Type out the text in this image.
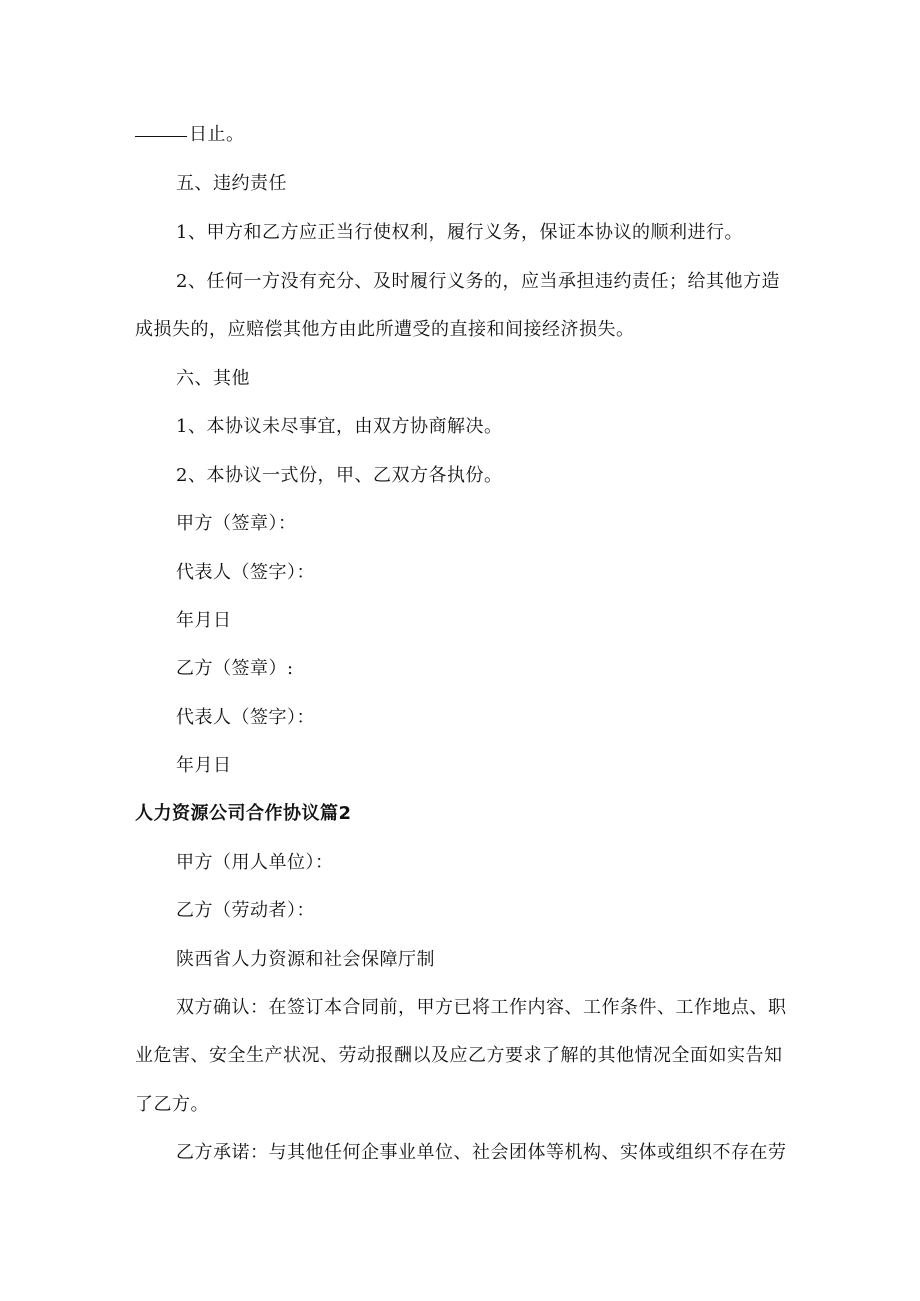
日止。
五、违约责任
1、甲方和乙方应正当行使权利，履行义务，保证本协议的顺利进行。
2、任何一方没有充分、及时履行义务的，应当承担违约责任；给其他方造
成损失的，应赔偿其他方由此所遭受的直接和间接经济损失。
六、其他
1、本协议未尽事宜，由双方协商解决。
2、本协议一式份，甲、乙双方各执份。
甲方（签章）：
代表人（签字）：
年月日
乙方（签章）:
代表人（签字）：
年月日
人力资源公司合作协议篇2
甲方（用人单位）：
乙方（劳动者）：
陕西省人力资源和社会保障厅制
双方确认：在签订本合同前，甲方已将工作内容、工作条件、工作地点、职
业危害、安全生产状况、劳动报酬以及应乙方要求了解的其他情况全面如实告知
了乙方。
乙方承诺：与其他任何企事业单位、社会团体等机构、实体或组织不存在劳
